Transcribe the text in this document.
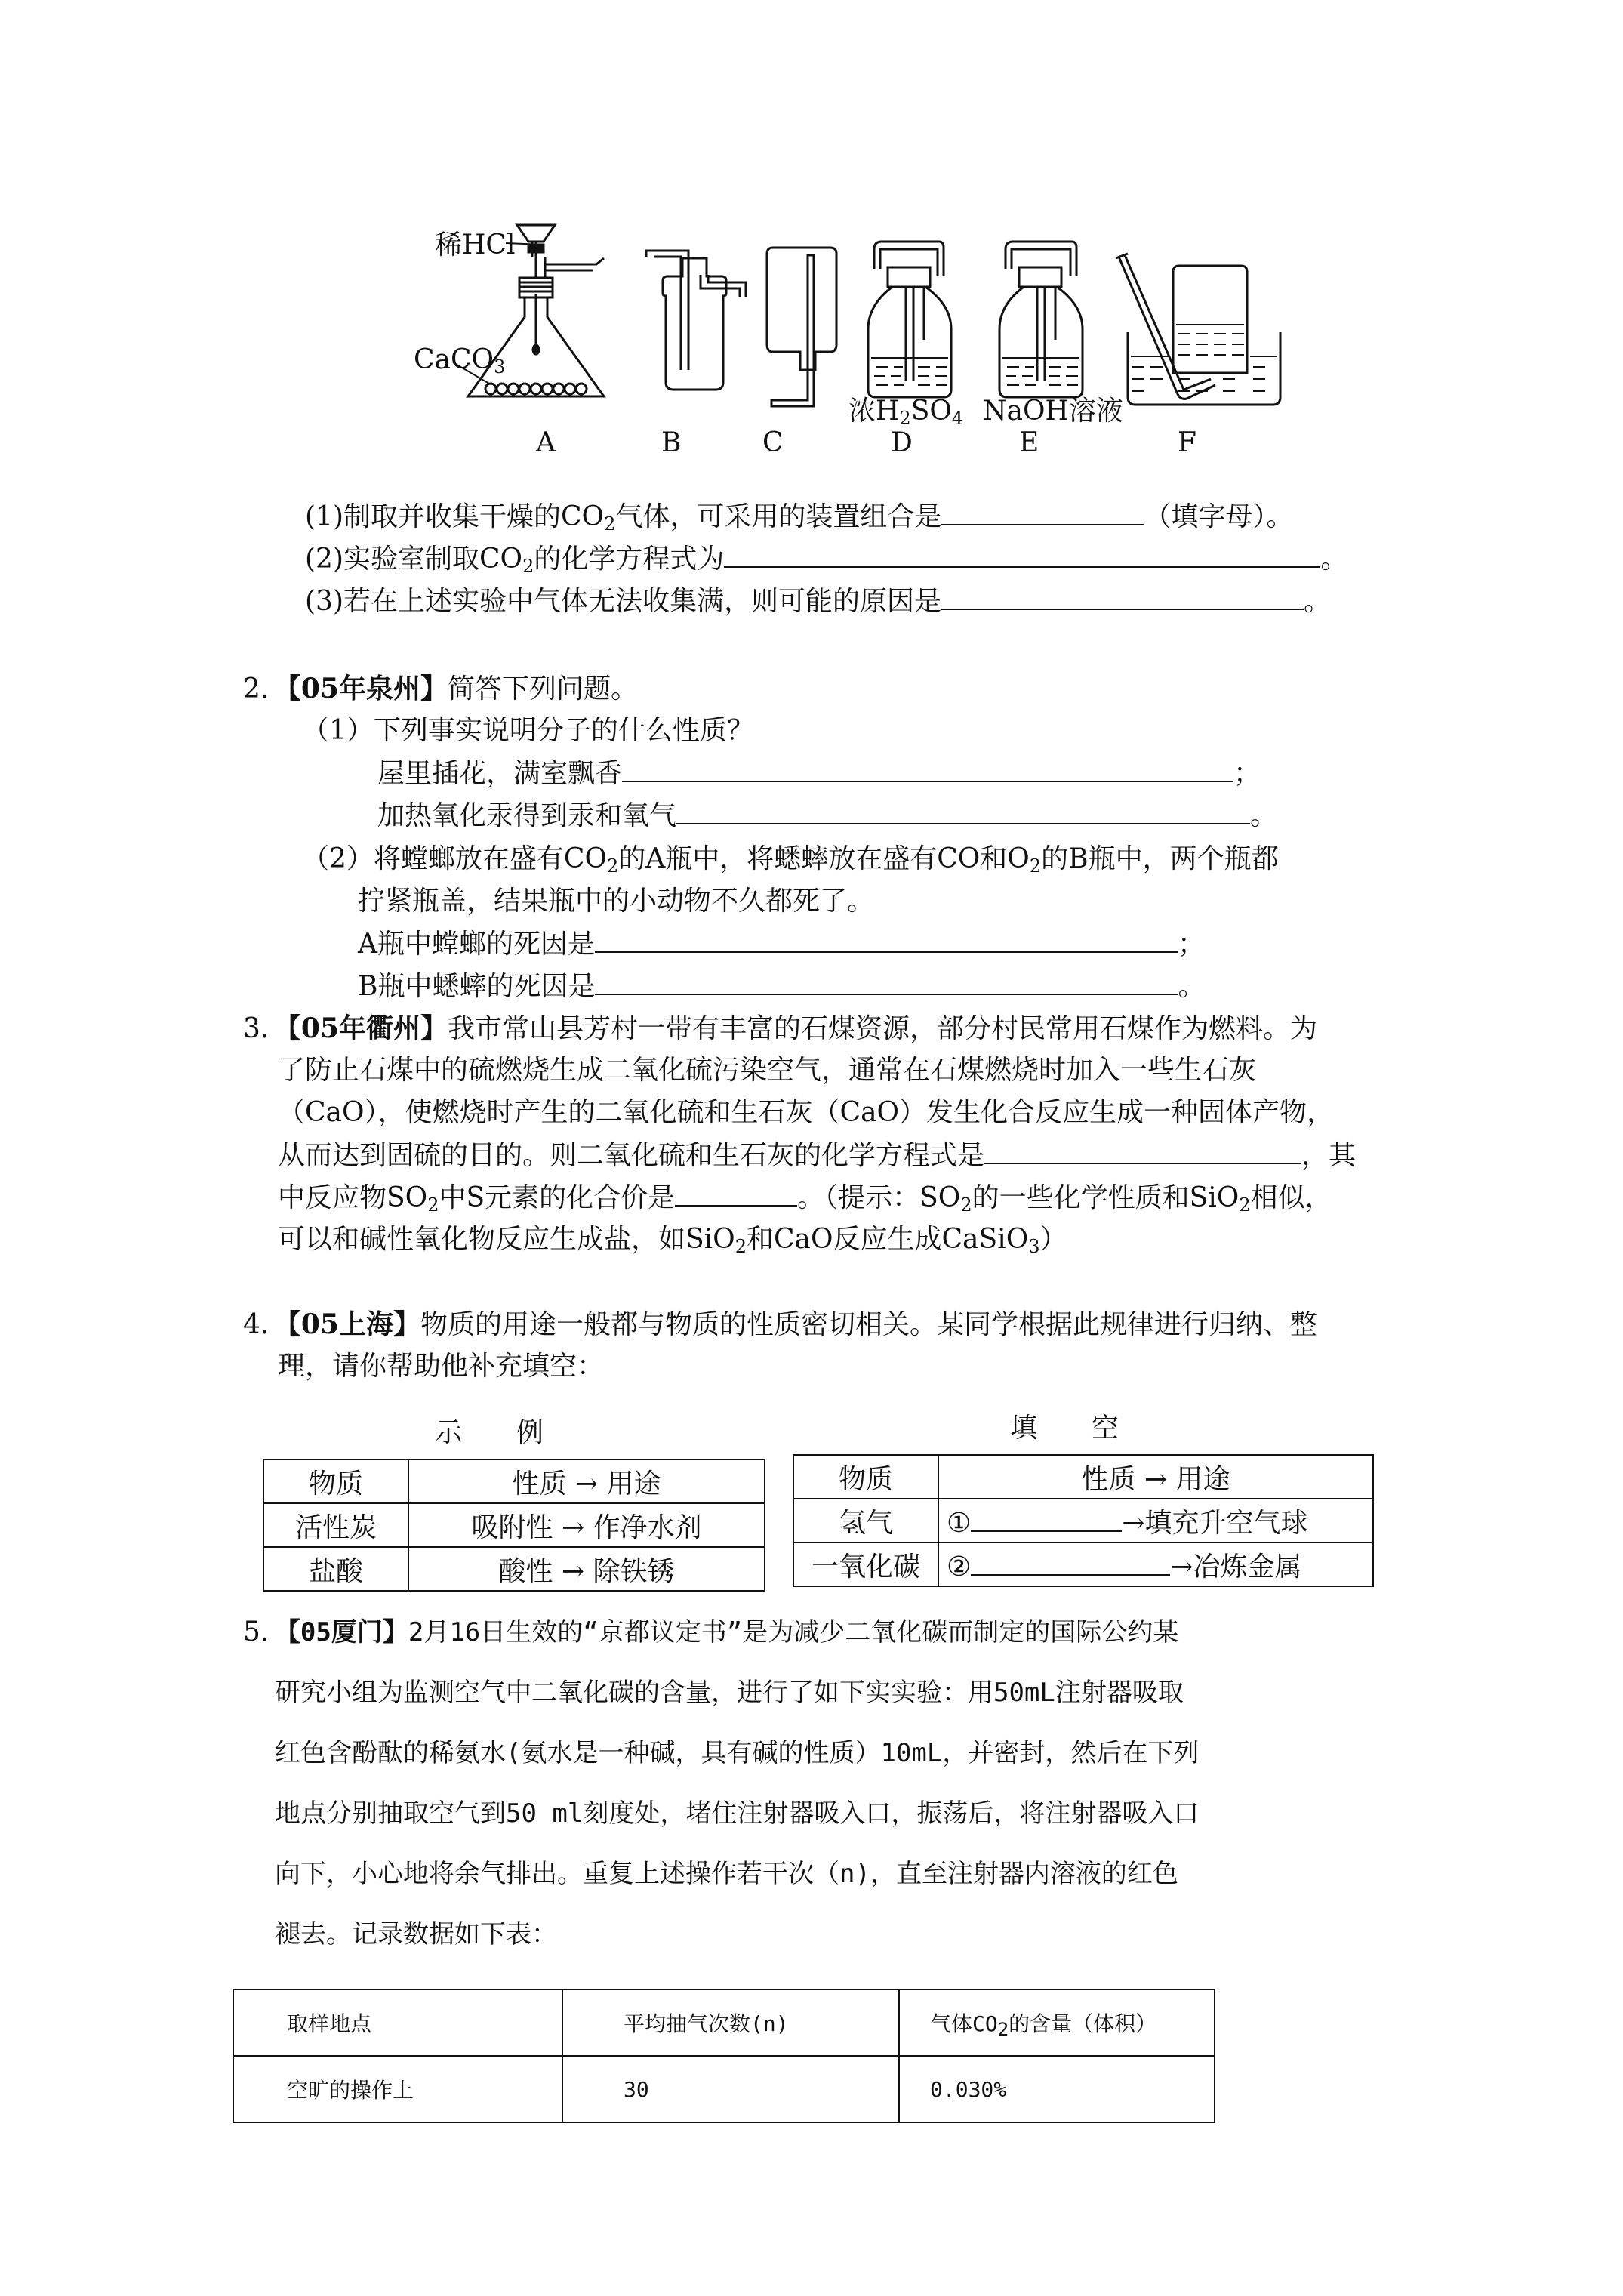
稀HCl
CaCO$_3$
浓$H_2SO_4$ NaOH溶液
A	B	C	D	E	F
(1)制取并收集干燥的$CO_2$气体，可采用的装置组合是	（填字母）。
(2)实验室制取$CO_2$的化学方程式为	。
(3)若在上述实验中气体无法收集满，则可能的原因是	。
2．【05年泉州】简答下列问题。
（1）下列事实说明分子的什么性质？
屋里插花，满室飘香	；
加热氧化汞得到汞和氧气	。
（2）将螳螂放在盛有$CO_2$的A瓶中，将蟋蟀放在盛有CO和$O_2$的B瓶中，两个瓶都
拧紧瓶盖，结果瓶中的小动物不久都死了。
A瓶中螳螂的死因是	；
B瓶中蟋蟀的死因是	。
3．【05年衢州】我市常山县芳村一带有丰富的石煤资源，部分村民常用石煤作为燃料。为
了防止石煤中的硫燃烧生成二氧化硫污染空气，通常在石煤燃烧时加入一些生石灰
（CaO），使燃烧时产生的二氧化硫和生石灰（CaO）发生化合反应生成一种固体产物，
从而达到固硫的目的。则二氧化硫和生石灰的化学方程式是	，其
中反应物$SO_2$中S元素的化合价是	。（提示：$SO_2$的一些化学性质和SiO$_2$相似，
可以和碱性氧化物反应生成盐，如SiO$_2$和CaO反应生成CaSiO$_3$）
4．【05上海】物质的用途一般都与物质的性质密切相关。某同学根据此规律进行归纳、整
理，请你帮助他补充填空：
示　　例	填　　空
物质	性质 → 用途
活性炭	吸附性 → 作净水剂
盐酸	酸性 → 除铁锈
物质	性质 → 用途
氢气	① →填充升空气球
一氧化碳	② →冶炼金属
5．【05厦门】2月16日生效的“京都议定书”是为减少二氧化碳而制定的国际公约某
研究小组为监测空气中二氧化碳的含量，进行了如下实实验：用50mL注射器吸取
红色含酚酞的稀氨水(氨水是一种碱，具有碱的性质）10mL，并密封，然后在下列
地点分别抽取空气到50 ml刻度处，堵住注射器吸入口，振荡后，将注射器吸入口
向下，小心地将余气排出。重复上述操作若干次（n)，直至注射器内溶液的红色
褪去。记录数据如下表：
取样地点	平均抽气次数(n)	气体$CO_2$的含量（体积）
空旷的操作上	30	0.030%
